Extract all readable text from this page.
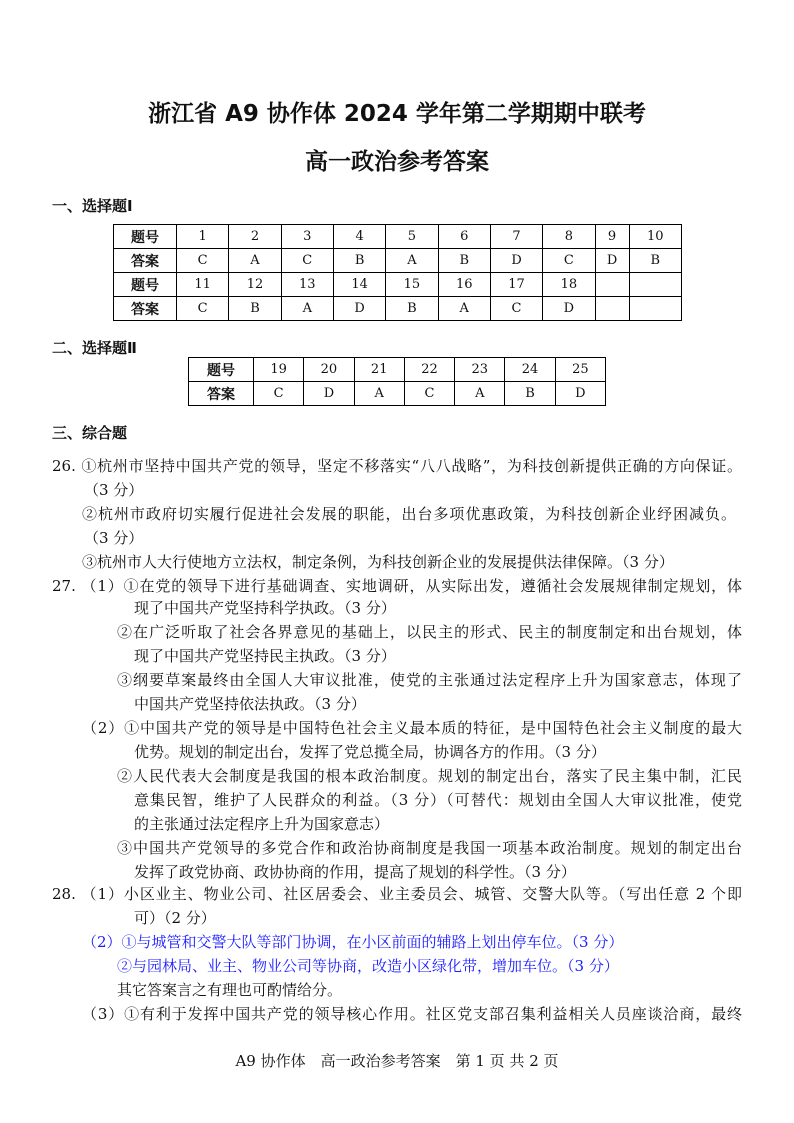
浙江省 A9 协作体 2024 学年第二学期期中联考
高一政治参考答案
一、选择题Ⅰ
题号	1	2	3	4	5	6	7	8	9	10
答案	C	A	C	B	A	B	D	C	D	B
题号	11	12	13	14	15	16	17	18		
答案	C	B	A	D	B	A	C	D		
二、选择题Ⅱ
题号	19	20	21	22	23	24	25
答案	C	D	A	C	A	B	D
三、综合题
26. ①杭州市坚持中国共产党的领导，坚定不移落实“八八战略”，为科技创新提供正确的方向保证。
（3 分）
②杭州市政府切实履行促进社会发展的职能，出台多项优惠政策，为科技创新企业纾困减负。
（3 分）
③杭州市人大行使地方立法权，制定条例，为科技创新企业的发展提供法律保障。（3 分）
27. （1）①在党的领导下进行基础调查、实地调研，从实际出发，遵循社会发展规律制定规划，体
现了中国共产党坚持科学执政。（3 分）
②在广泛听取了社会各界意见的基础上，以民主的形式、民主的制度制定和出台规划，体
现了中国共产党坚持民主执政。（3 分）
③纲要草案最终由全国人大审议批准，使党的主张通过法定程序上升为国家意志，体现了
中国共产党坚持依法执政。（3 分）
（2）①中国共产党的领导是中国特色社会主义最本质的特征，是中国特色社会主义制度的最大
优势。规划的制定出台，发挥了党总揽全局，协调各方的作用。（3 分）
②人民代表大会制度是我国的根本政治制度。规划的制定出台，落实了民主集中制，汇民
意集民智，维护了人民群众的利益。（3 分）（可替代：规划由全国人大审议批准，使党
的主张通过法定程序上升为国家意志）
③中国共产党领导的多党合作和政治协商制度是我国一项基本政治制度。规划的制定出台
发挥了政党协商、政协协商的作用，提高了规划的科学性。（3 分）
28. （1）小区业主、物业公司、社区居委会、业主委员会、城管、交警大队等。（写出任意 2 个即
可）（2 分）
（2）①与城管和交警大队等部门协调，在小区前面的辅路上划出停车位。（3 分）
②与园林局、业主、物业公司等协商，改造小区绿化带，增加车位。（3 分）
其它答案言之有理也可酌情给分。
（3）①有利于发挥中国共产党的领导核心作用。社区党支部召集利益相关人员座谈洽商，最终
A9 协作体　高一政治参考答案　第 1 页 共 2 页
